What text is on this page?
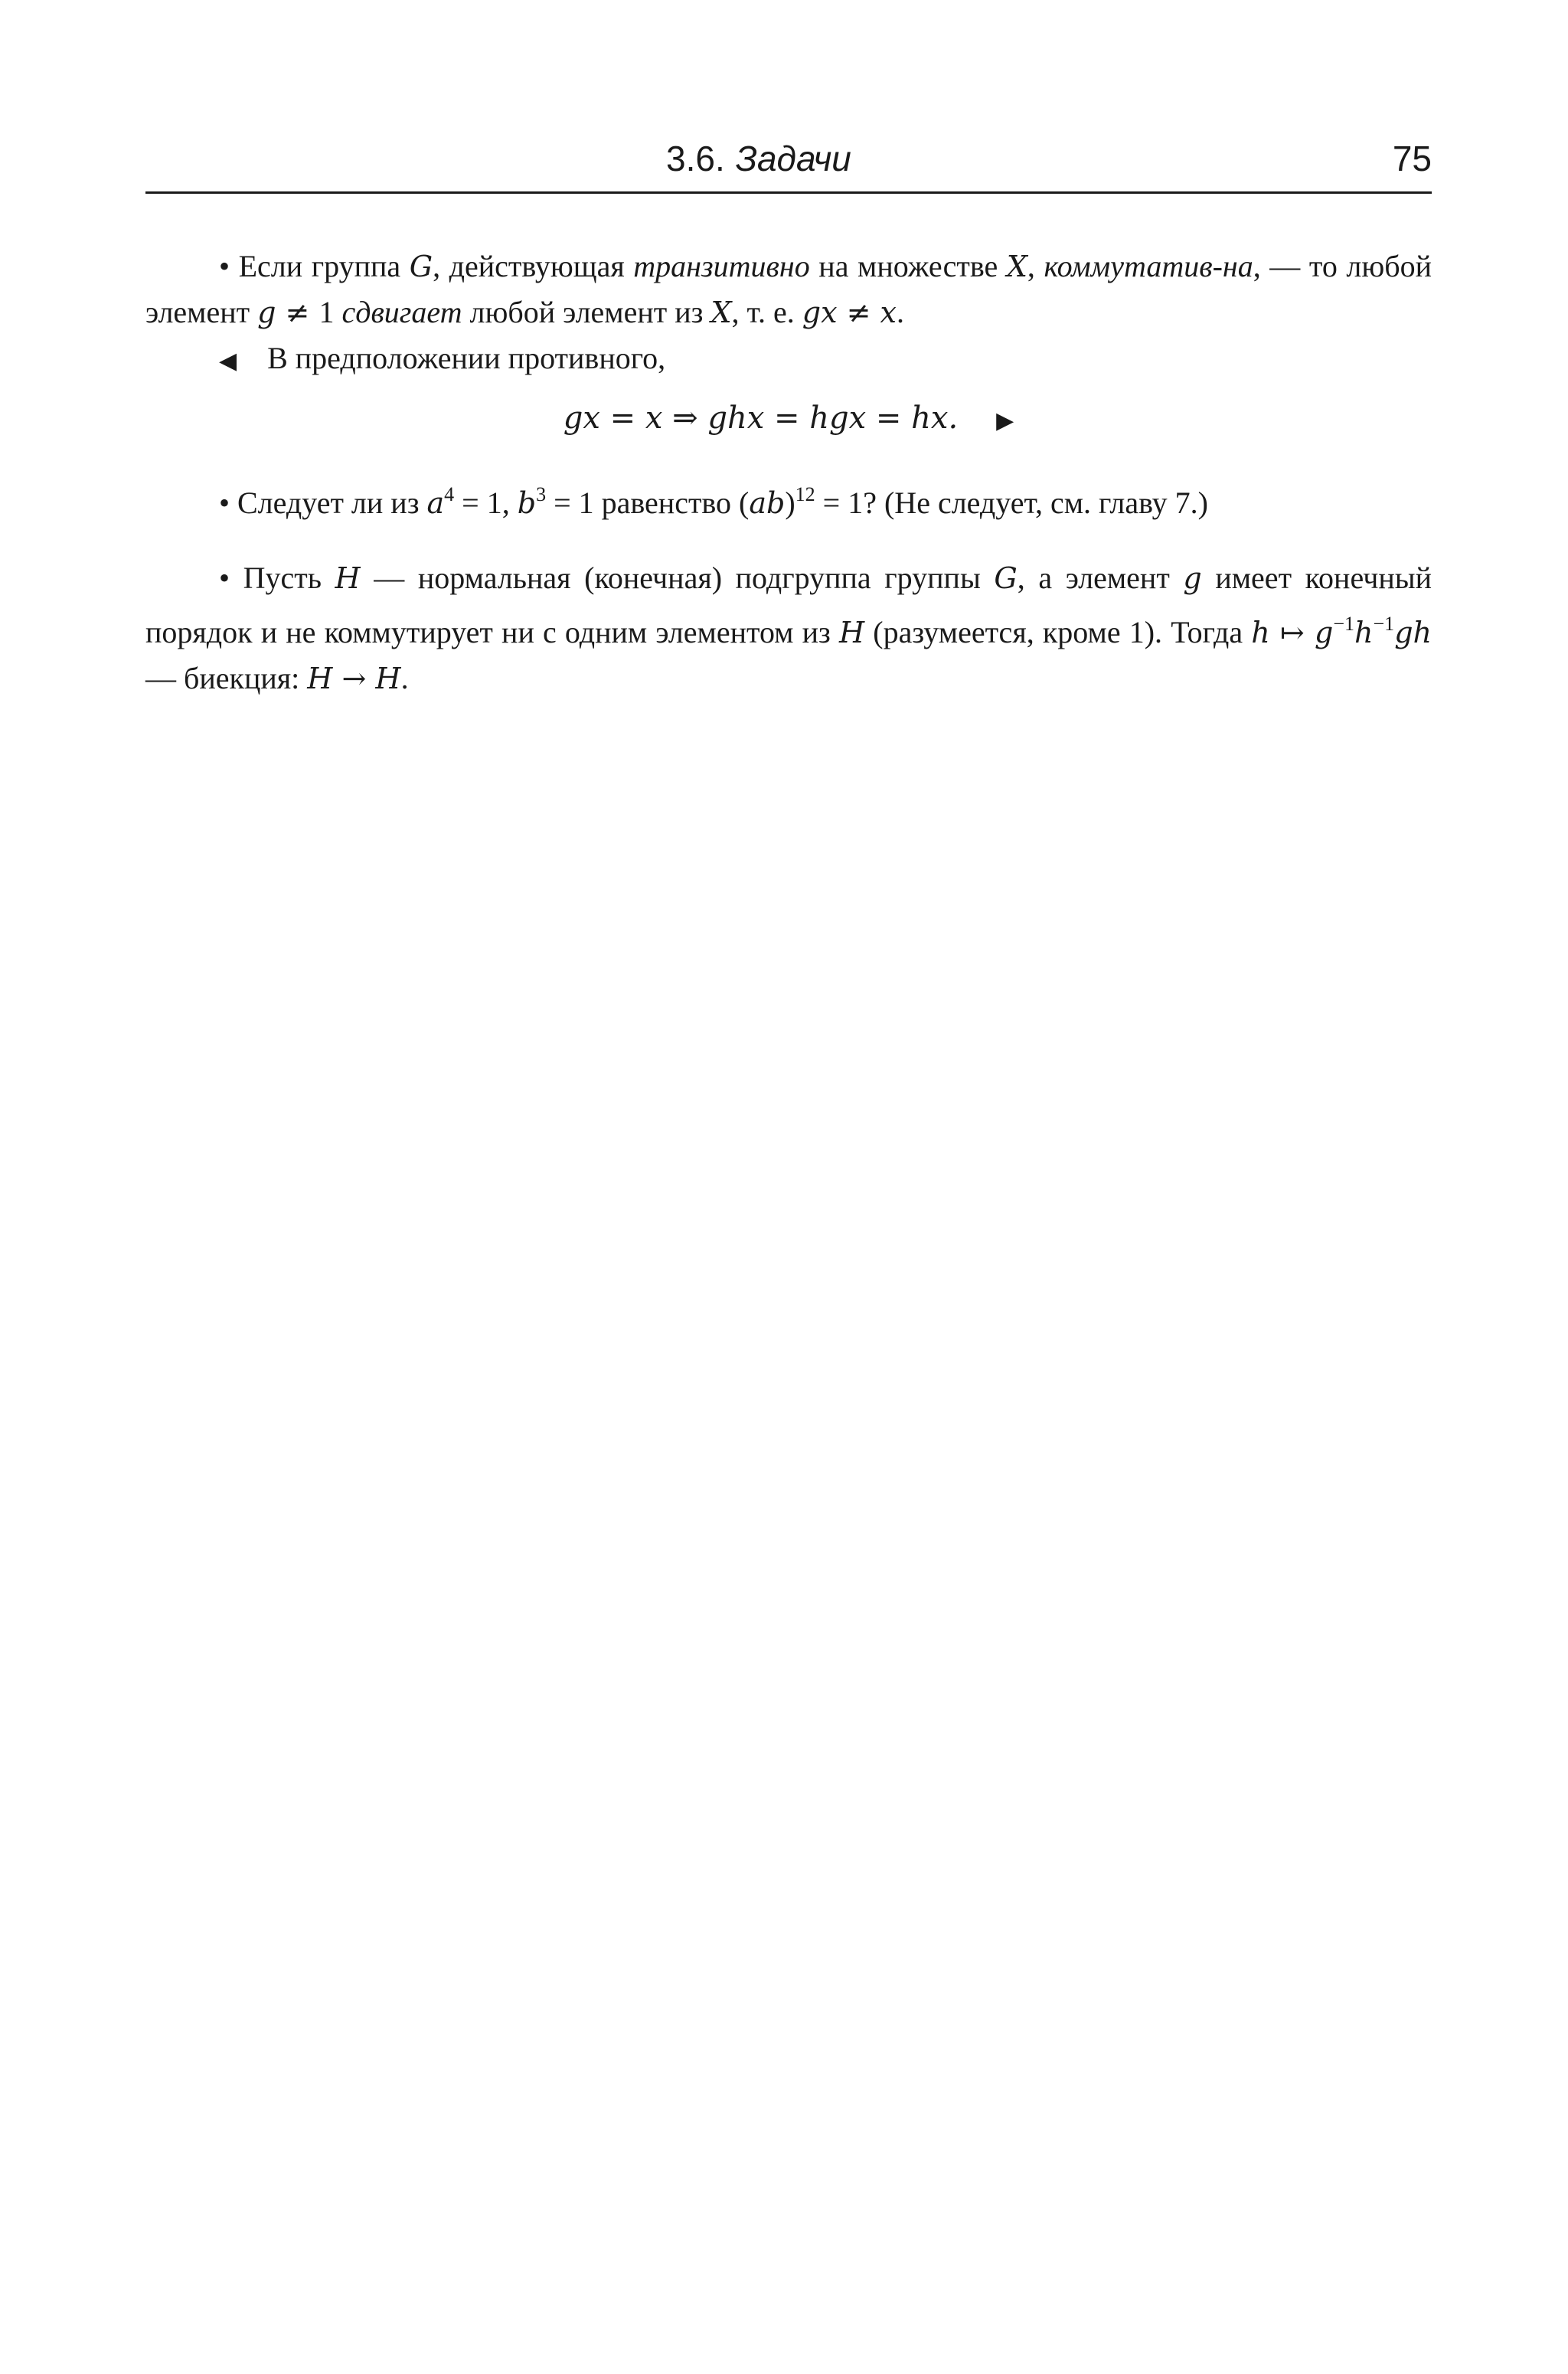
3.6. Задачи	75

• Если группа G, действующая транзитивно на множестве X, коммутатив-на, — то любой элемент g ≠ 1 сдвигает любой элемент из X, т. е. gx ≠ x.

◀ В предположении противного,

gx = x ⇒ ghx = hgx = hx. ▶

• Следует ли из $a^4 = 1$, $b^3 = 1$ равенство (ab)$^{12}$ = 1? (Не следует, см. главу 7.)

• Пусть H — нормальная (конечная) подгруппа группы G, а элемент g имеет конечный порядок и не коммутирует ни с одним элементом из H (разумеется, кроме 1). Тогда h ↦ $g^{-1}h^{-1}gh$ — биекция: H → H.
